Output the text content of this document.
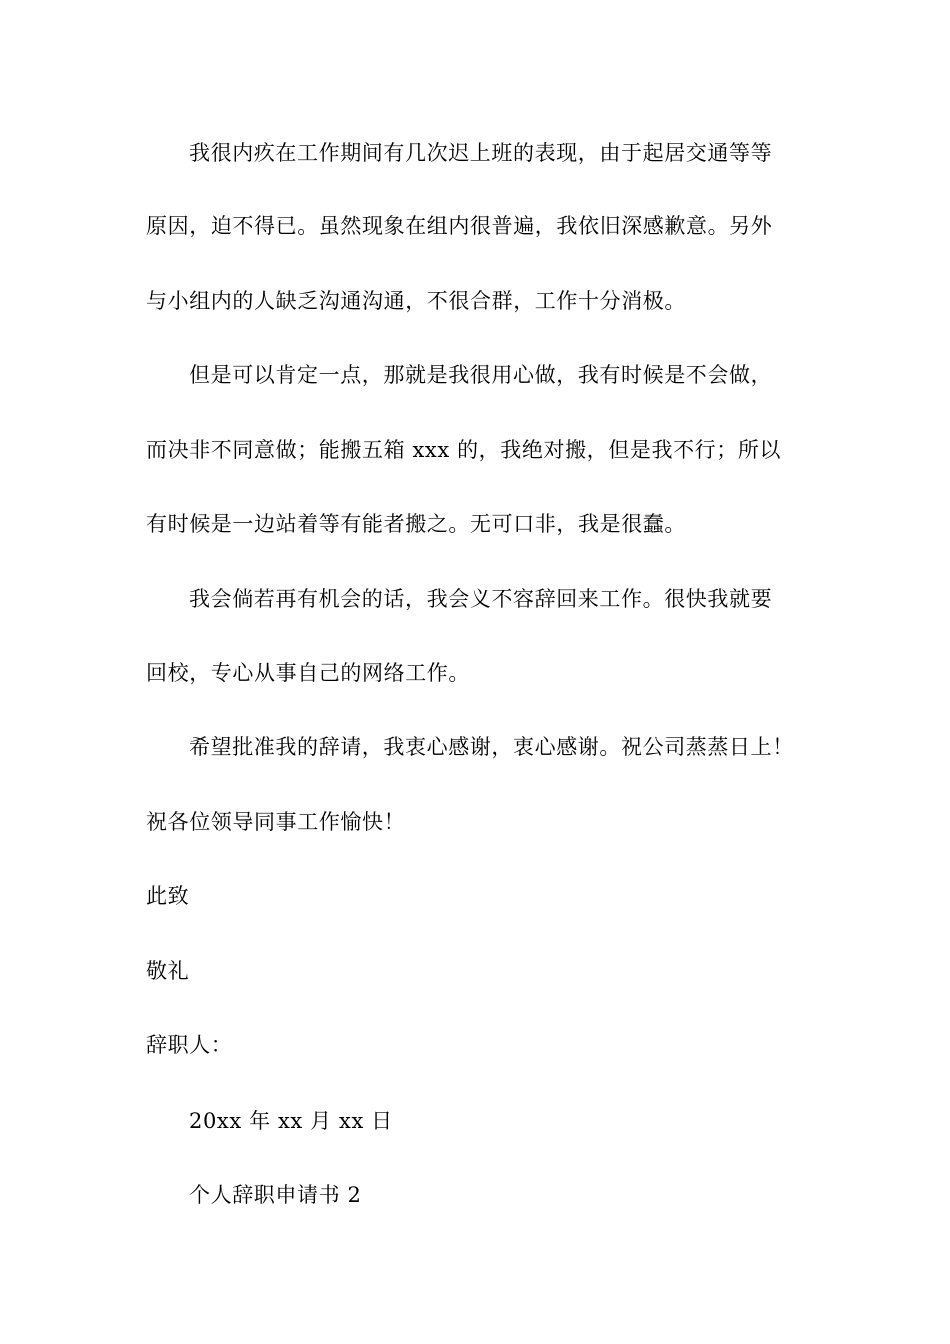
我很内疚在工作期间有几次迟上班的表现，由于起居交通等等
原因，迫不得已。虽然现象在组内很普遍，我依旧深感歉意。另外
与小组内的人缺乏沟通沟通，不很合群，工作十分消极。
但是可以肯定一点，那就是我很用心做，我有时候是不会做，
而决非不同意做；能搬五箱 xxx 的，我绝对搬，但是我不行；所以
有时候是一边站着等有能者搬之。无可口非，我是很蠢。
我会倘若再有机会的话，我会义不容辞回来工作。很快我就要
回校，专心从事自己的网络工作。
希望批准我的辞请，我衷心感谢，衷心感谢。祝公司蒸蒸日上！
祝各位领导同事工作愉快！
此致
敬礼
辞职人：
20xx 年 xx 月 xx 日
个人辞职申请书 2
